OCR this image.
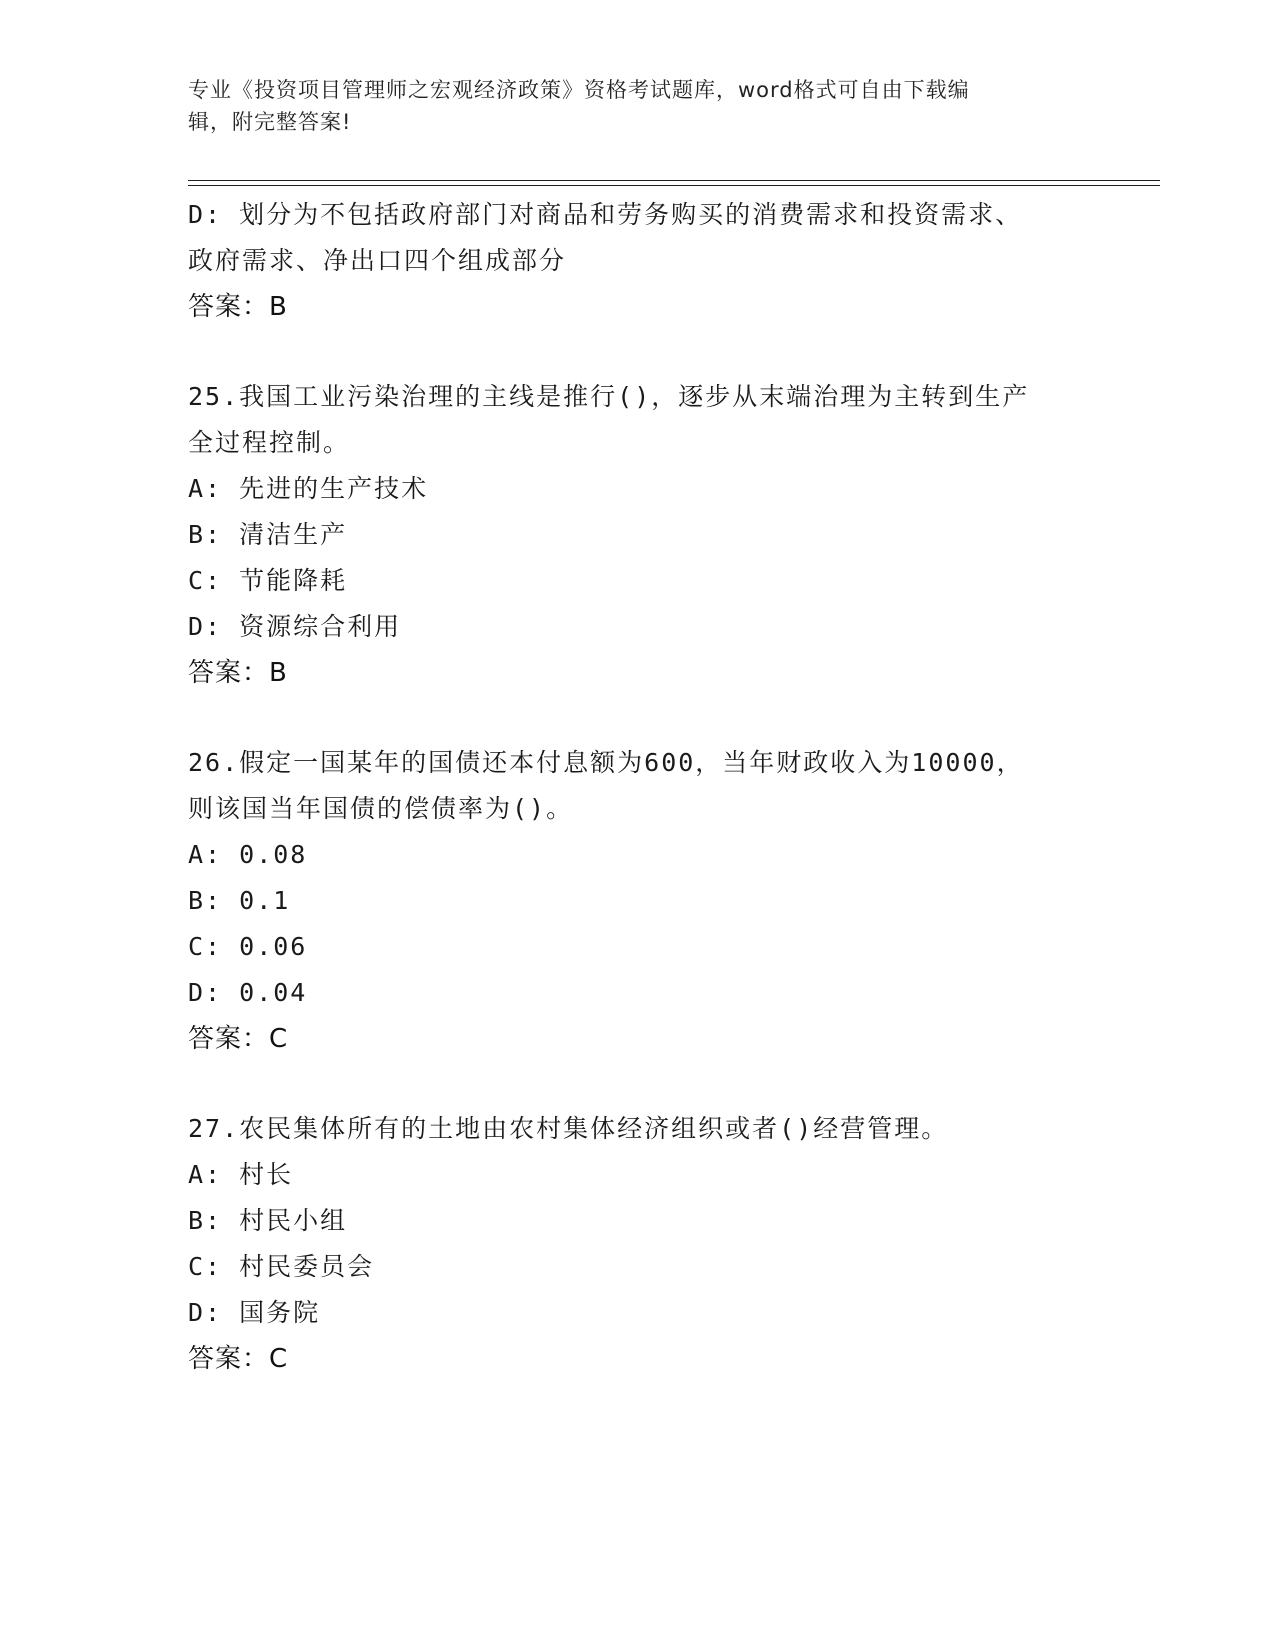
专业《投资项目管理师之宏观经济政策》资格考试题库，word格式可自由下载编
辑，附完整答案!
D: 划分为不包括政府部门对商品和劳务购买的消费需求和投资需求、
政府需求、净出口四个组成部分
答案：B
25.我国工业污染治理的主线是推行()，逐步从末端治理为主转到生产
全过程控制。
A: 先进的生产技术
B: 清洁生产
C: 节能降耗
D: 资源综合利用
答案：B
26.假定一国某年的国债还本付息额为600，当年财政收入为10000，
则该国当年国债的偿债率为()。
A: 0.08
B: 0.1
C: 0.06
D: 0.04
答案：C
27.农民集体所有的土地由农村集体经济组织或者()经营管理。
A: 村长
B: 村民小组
C: 村民委员会
D: 国务院
答案：C
